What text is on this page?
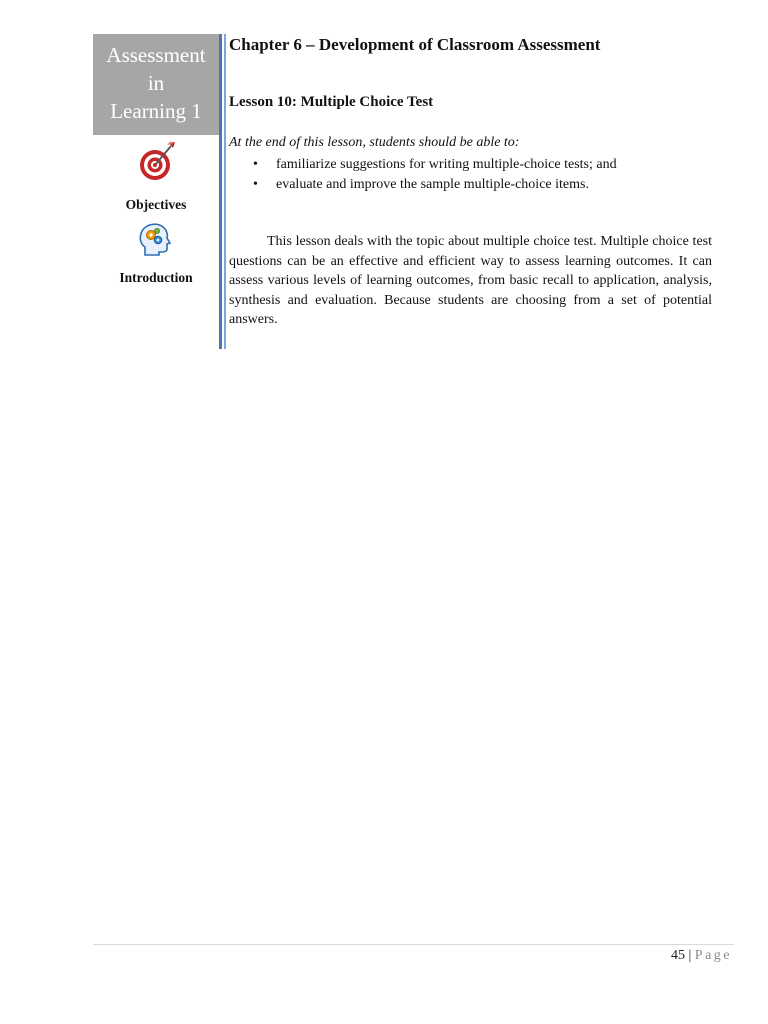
Assessment
in
Learning 1
Objectives
Introduction
Chapter 6 – Development of Classroom Assessment
Lesson 10: Multiple Choice Test

At the end of this lesson, students should be able to:

• familiarize suggestions for writing multiple-choice tests; and
• evaluate and improve the sample multiple-choice items.

This lesson deals with the topic about multiple choice test. Multiple choice test questions can be an effective and efficient way to assess learning outcomes. It can assess various levels of learning outcomes, from basic recall to application, analysis, synthesis and evaluation. Because students are choosing from a set of potential answers.

45 | Page
